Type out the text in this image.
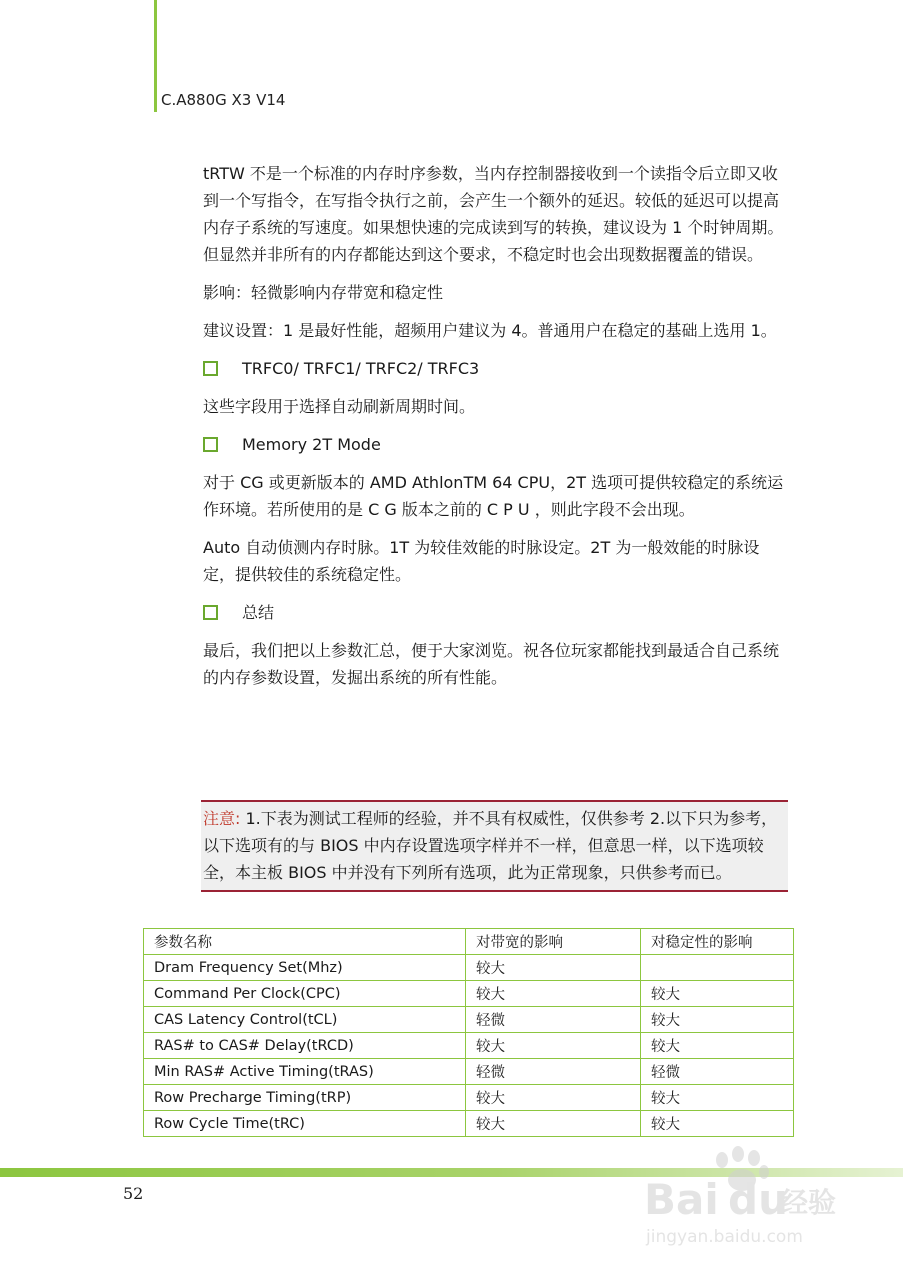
C.A880G X3 V14

tRTW 不是一个标准的内存时序参数，当内存控制器接收到一个读指令后立即又收到一个写指令，在写指令执行之前，会产生一个额外的延迟。较低的延迟可以提高内存子系统的写速度。如果想快速的完成读到写的转换，建议设为 1 个时钟周期。但显然并非所有的内存都能达到这个要求，不稳定时也会出现数据覆盖的错误。

影响：轻微影响内存带宽和稳定性

建议设置：1 是最好性能，超频用户建议为 4。普通用户在稳定的基础上选用 1。

TRFC0/ TRFC1/ TRFC2/ TRFC3

这些字段用于选择自动刷新周期时间。

Memory 2T Mode

对于 CG 或更新版本的 AMD AthlonTM 64 CPU，2T 选项可提供较稳定的系统运作环境。若所使用的是 C G 版本之前的 C P U ，则此字段不会出现。

Auto 自动侦测内存时脉。1T 为较佳效能的时脉设定。2T 为一般效能的时脉设定，提供较佳的系统稳定性。

总结

最后，我们把以上参数汇总，便于大家浏览。祝各位玩家都能找到最适合自己系统的内存参数设置，发掘出系统的所有性能。

注意: 1.下表为测试工程师的经验，并不具有权威性，仅供参考 2.以下只为参考，以下选项有的与 BIOS 中内存设置选项字样并不一样，但意思一样，以下选项较全，本主板 BIOS 中并没有下列所有选项，此为正常现象，只供参考而已。
参数名称	对带宽的影响	对稳定性的影响
Dram Frequency Set(Mhz)	较大	
Command Per Clock(CPC)	较大	较大
CAS Latency Control(tCL)	轻微	较大
RAS# to CAS# Delay(tRCD)	较大	较大
Min RAS# Active Timing(tRAS)	轻微	轻微
Row Precharge Timing(tRP)	较大	较大
Row Cycle Time(tRC)	较大	较大
52	Bai du
经验
jingyan.baidu.com
